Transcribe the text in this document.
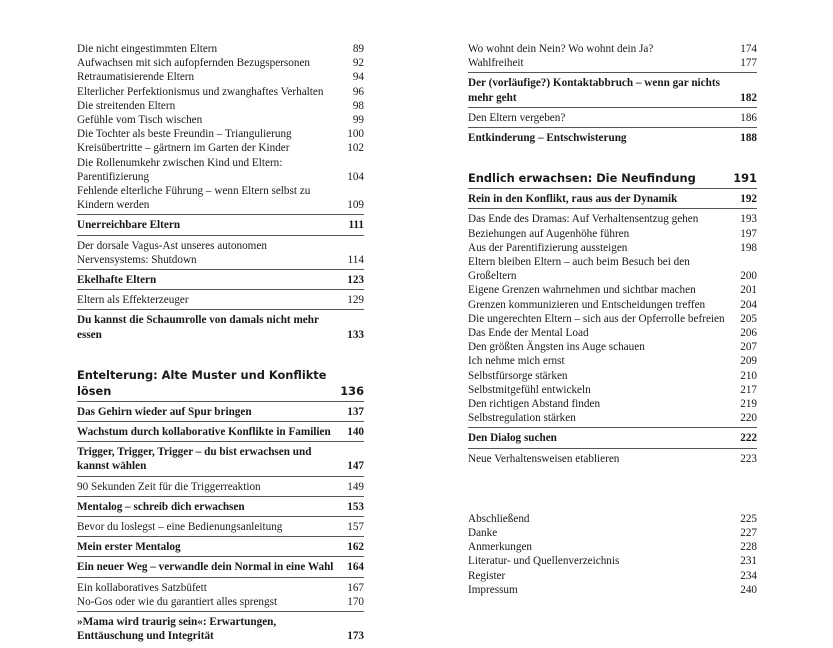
Die nicht eingestimmten Eltern	89
Aufwachsen mit sich aufopfernden Bezugspersonen	92
Retraumatisierende Eltern	94
Elterlicher Perfektionismus und zwanghaftes Verhalten	96
Die streitenden Eltern	98
Gefühle vom Tisch wischen	99
Die Tochter als beste Freundin – Triangulierung	100
Kreisübertritte – gärtnern im Garten der Kinder	102
Die Rollenumkehr zwischen Kind und Eltern: Parentifizierung	104
Fehlende elterliche Führung – wenn Eltern selbst zu Kindern werden	109
Unerreichbare Eltern	111
Der dorsale Vagus-Ast unseres autonomen Nervensystems: Shutdown	114
Ekelhafte Eltern	123
Eltern als Effekterzeuger	129
Du kannst die Schaumrolle von damals nicht mehr essen	133
Entelterung: Alte Muster und Konflikte lösen	136
Das Gehirn wieder auf Spur bringen	137
Wachstum durch kollaborative Konflikte in Familien	140
Trigger, Trigger, Trigger – du bist erwachsen und kannst wählen	147
90 Sekunden Zeit für die Triggerreaktion	149
Mentalog – schreib dich erwachsen	153
Bevor du loslegst – eine Bedienungsanleitung	157
Mein erster Mentalog	162
Ein neuer Weg – verwandle dein Normal in eine Wahl	164
Ein kollaboratives Satzbüfett	167
No-Gos oder wie du garantiert alles sprengst	170
»Mama wird traurig sein«: Erwartungen, Enttäuschung und Integrität	173
Wo wohnt dein Nein? Wo wohnt dein Ja?	174
Wahlfreiheit	177
Der (vorläufige?) Kontaktabbruch – wenn gar nichts mehr geht	182
Den Eltern vergeben?	186
Entkinderung – Entschwisterung	188
Endlich erwachsen: Die Neufindung	191
Rein in den Konflikt, raus aus der Dynamik	192
Das Ende des Dramas: Auf Verhaltensentzug gehen	193
Beziehungen auf Augenhöhe führen	197
Aus der Parentifizierung aussteigen	198
Eltern bleiben Eltern – auch beim Besuch bei den Großeltern	200
Eigene Grenzen wahrnehmen und sichtbar machen	201
Grenzen kommunizieren und Entscheidungen treffen	204
Die ungerechten Eltern – sich aus der Opferrolle befreien	205
Das Ende der Mental Load	206
Den größten Ängsten ins Auge schauen	207
Ich nehme mich ernst	209
Selbstfürsorge stärken	210
Selbstmitgefühl entwickeln	217
Den richtigen Abstand finden	219
Selbstregulation stärken	220
Den Dialog suchen	222
Neue Verhaltensweisen etablieren	223
Abschließend	225
Danke	227
Anmerkungen	228
Literatur- und Quellenverzeichnis	231
Register	234
Impressum	240
